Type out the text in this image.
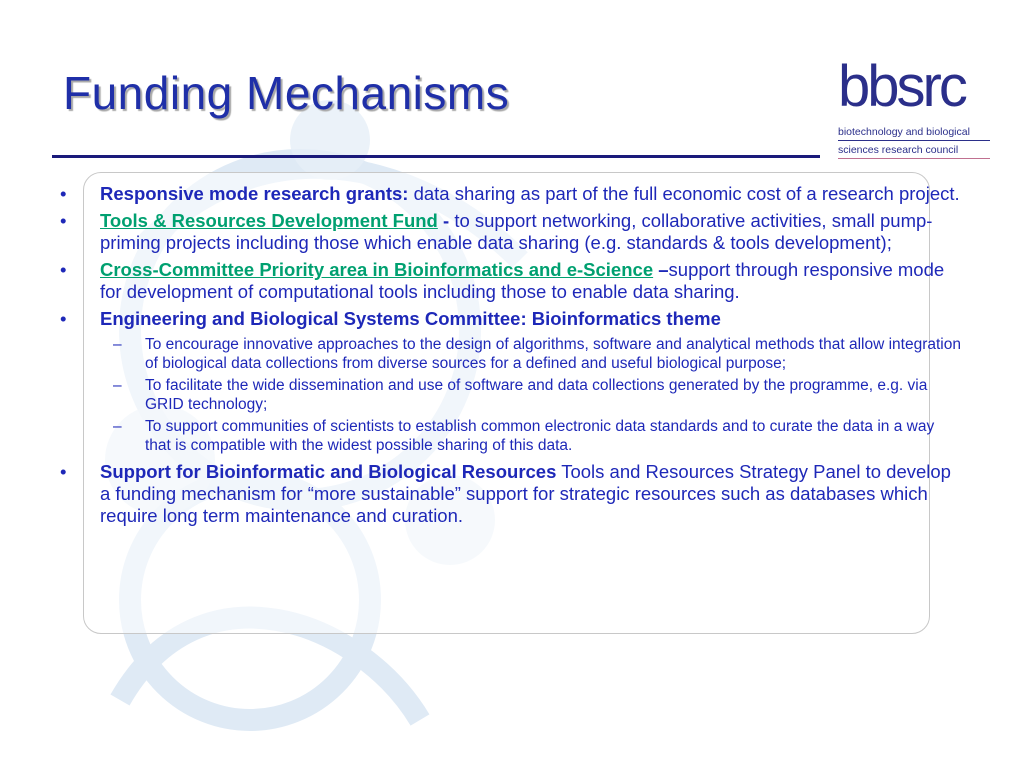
Funding Mechanisms	bbsrc
biotechnology and biological
sciences research council
• Responsive mode research grants: data sharing as part of the full economic cost of a research project.
• Tools & Resources Development Fund - to support networking, collaborative activities, small pump-priming projects including those which enable data sharing (e.g. standards & tools development);
• Cross-Committee Priority area in Bioinformatics and e-Science –support through responsive mode for development of computational tools including those to enable data sharing.
• Engineering and Biological Systems Committee: Bioinformatics theme
– To encourage innovative approaches to the design of algorithms, software and analytical methods that allow integration of biological data collections from diverse sources for a defined and useful biological purpose;
– To facilitate the wide dissemination and use of software and data collections generated by the programme, e.g. via GRID technology;
– To support communities of scientists to establish common electronic data standards and to curate the data in a way that is compatible with the widest possible sharing of this data.
• Support for Bioinformatic and Biological Resources Tools and Resources Strategy Panel to develop a funding mechanism for “more sustainable” support for strategic resources such as databases which require long term maintenance and curation.
